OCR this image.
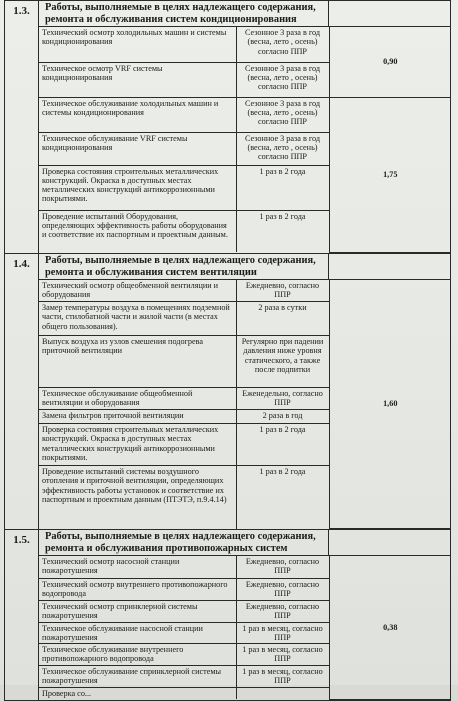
1.3.	Работы, выполняемые в целях надлежащего содержания, ремонта и обслуживания систем кондиционирования	

Технический осмотр холодильных машин и системы кондиционирования	Сезонное 3 раза в год (весна, лето , осень) согласно ППР	0,90
Техническое осмотр VRF системы кондиционирования	Сезонное 3 раза в год (весна, лето , осень) согласно ППР
Техническое обслуживание холодильных машин и системы кондиционирования	Сезонное 3 раза в год (весна, лето , осень) согласно ППР	1,75
Техническое обслуживание VRF системы кондиционирования	Сезонное 3 раза в год (весна, лето , осень) согласно ППР
Проверка состояния строительных металлических конструкций. Окраска в доступных местах металлических конструкций антикоррозионными покрытиями.	1 раз в 2 года
Проведение испытаний Оборудования, определяющих эффективность работы оборудования и соответствие их паспортным и проектным данным.	1 раз в 2 года

1.4.	Работы, выполняемые в целях надлежащего содержания, ремонта и обслуживания систем вентиляции	

Технический осмотр общеобменной вентиляции и оборудования	Ежедневно, согласно ППР	1,60
Замер температуры воздуха в помещениях подземной части, стилобатной части и жилой части (в местах общего пользования).	2 раза в сутки
Выпуск воздуха из узлов смешения подогрева приточной вентиляции	Регулярно при падении давления ниже уровня статического, а также после подпитки
Техническое обслуживание общеобменной вентиляции и оборудования	Еженедельно, согласно ППР
Замена фильтров приточной вентиляции	2 раза в год
Проверка состояния строительных металлических конструкций. Окраска в доступных местах металлических конструкций антикоррозионными покрытиями.	1 раз в 2 года
Проведение испытаний системы воздушного отопления и приточной вентиляции, определяющих эффективность работы установок и соответствие их паспортным и проектным данным (ПТЭТЭ, п.9.4.14)	1 раз в 2 года

1.5.	Работы, выполняемые в целях надлежащего содержания, ремонта и обслуживания противопожарных систем	

Технический осмотр насосной станции пожаротушения	Ежедневно, согласно ППР	0,38
Технический осмотр внутреннего противопожарного водопровода	Ежедневно, согласно ППР
Технический осмотр спринклерной системы пожаротушения	Ежедневно, согласно ППР
Техническое обслуживание насосной станции пожаротушения	1 раз в месяц, согласно ППР
Техническое обслуживание внутреннего противопожарного водопровода	1 раз в месяц, согласно ППР
Техническое обслуживание спринклерной системы пожаротушения	1 раз в месяц, согласно ППР
Проверка со...	
